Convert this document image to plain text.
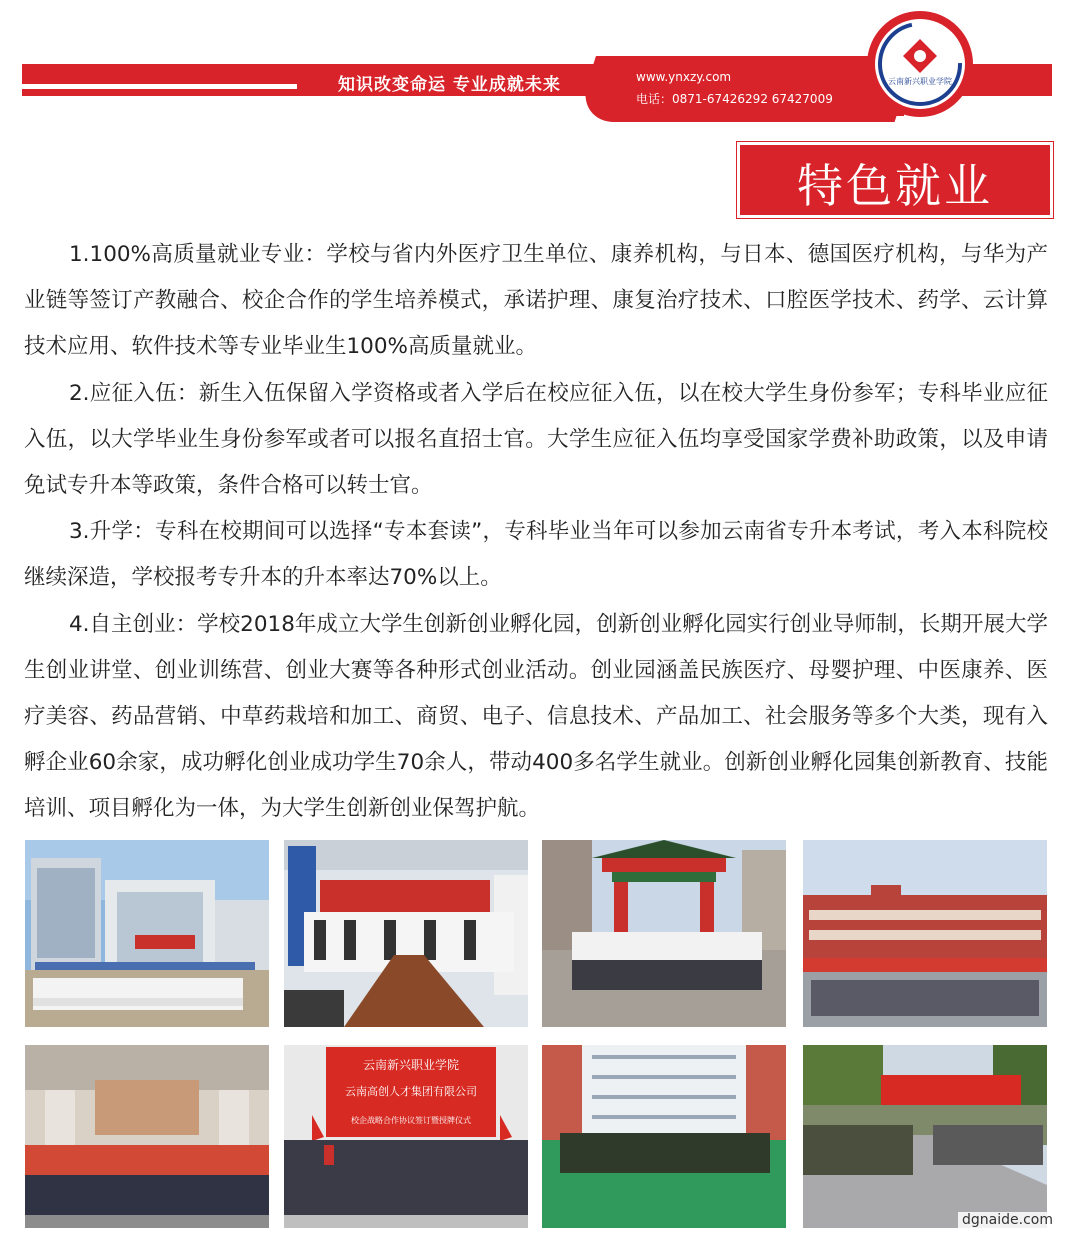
知识改变命运 专业成就未来	www.ynxzy.com
电话：0871-67426292 67427009
云南新兴职业学院
特色就业

1.100%高质量就业专业：学校与省内外医疗卫生单位、康养机构，与日本、德国医疗机构，与华为产业链等签订产教融合、校企合作的学生培养模式，承诺护理、康复治疗技术、口腔医学技术、药学、云计算技术应用、软件技术等专业毕业生100%高质量就业。

2.应征入伍：新生入伍保留入学资格或者入学后在校应征入伍，以在校大学生身份参军；专科毕业应征入伍，以大学毕业生身份参军或者可以报名直招士官。大学生应征入伍均享受国家学费补助政策，以及申请免试专升本等政策，条件合格可以转士官。

3.升学：专科在校期间可以选择“专本套读”，专科毕业当年可以参加云南省专升本考试，考入本科院校继续深造，学校报考专升本的升本率达70%以上。

4.自主创业：学校2018年成立大学生创新创业孵化园，创新创业孵化园实行创业导师制，长期开展大学生创业讲堂、创业训练营、创业大赛等各种形式创业活动。创业园涵盖民族医疗、母婴护理、中医康养、医疗美容、药品营销、中草药栽培和加工、商贸、电子、信息技术、产品加工、社会服务等多个大类，现有入孵企业60余家，成功孵化创业成功学生70余人，带动400多名学生就业。创新创业孵化园集创新教育、技能培训、项目孵化为一体，为大学生创新创业保驾护航。

云南新兴职业学院
云南高创人才集团有限公司
校企战略合作协议签订暨授牌仪式
dgnaide.com
